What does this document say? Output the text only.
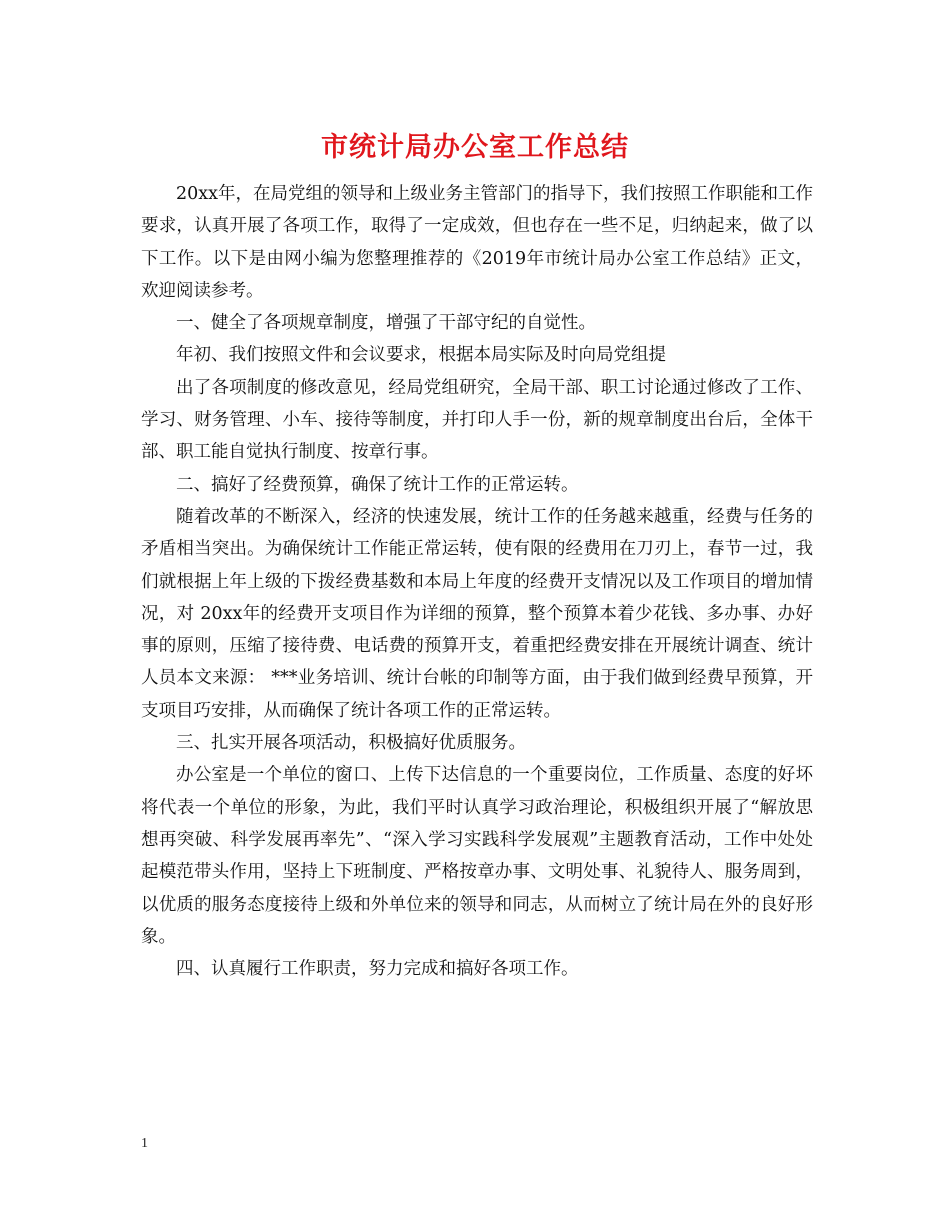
市统计局办公室工作总结

20xx年，在局党组的领导和上级业务主管部门的指导下，我们按照工作职能和工作要求，认真开展了各项工作，取得了一定成效，但也存在一些不足，归纳起来，做了以下工作。以下是由网小编为您整理推荐的《2019年市统计局办公室工作总结》正文，欢迎阅读参考。

一、健全了各项规章制度，增强了干部守纪的自觉性。

年初、我们按照文件和会议要求，根据本局实际及时向局党组提

出了各项制度的修改意见，经局党组研究，全局干部、职工讨论通过修改了工作、学习、财务管理、小车、接待等制度，并打印人手一份，新的规章制度出台后，全体干部、职工能自觉执行制度、按章行事。

二、搞好了经费预算，确保了统计工作的正常运转。

随着改革的不断深入，经济的快速发展，统计工作的任务越来越重，经费与任务的矛盾相当突出。为确保统计工作能正常运转，使有限的经费用在刀刃上，春节一过，我们就根据上年上级的下拨经费基数和本局上年度的经费开支情况以及工作项目的增加情况，对 20xx年的经费开支项目作为详细的预算，整个预算本着少花钱、多办事、办好事的原则，压缩了接待费、电话费的预算开支，着重把经费安排在开展统计调查、统计人员本文来源： ***业务培训、统计台帐的印制等方面，由于我们做到经费早预算，开支项目巧安排，从而确保了统计各项工作的正常运转。

三、扎实开展各项活动，积极搞好优质服务。

办公室是一个单位的窗口、上传下达信息的一个重要岗位，工作质量、态度的好坏将代表一个单位的形象，为此，我们平时认真学习政治理论，积极组织开展了“解放思想再突破、科学发展再率先”、“深入学习实践科学发展观”主题教育活动，工作中处处起模范带头作用，坚持上下班制度、严格按章办事、文明处事、礼貌待人、服务周到，以优质的服务态度接待上级和外单位来的领导和同志，从而树立了统计局在外的良好形象。

四、认真履行工作职责，努力完成和搞好各项工作。

1
